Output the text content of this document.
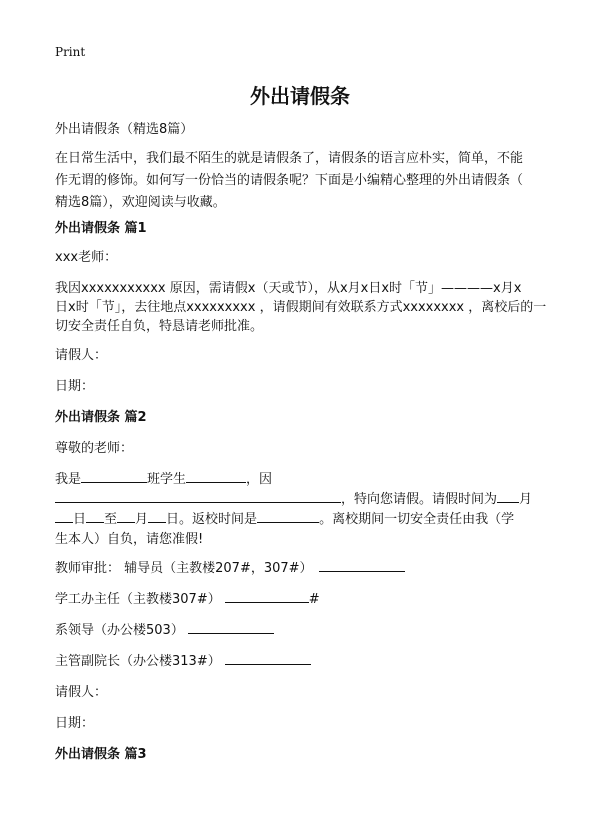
Print
外出请假条
外出请假条（精选8篇）
在日常生活中，我们最不陌生的就是请假条了，请假条的语言应朴实，简单，不能
作无谓的修饰。如何写一份恰当的请假条呢？下面是小编精心整理的外出请假条（
精选8篇），欢迎阅读与收藏。
外出请假条 篇1
xxx老师：
我因xxxxxxxxxxx 原因，需请假x（天或节），从x月x日x时「节」————x月x
日x时「节」，去往地点xxxxxxxxx ，请假期间有效联系方式xxxxxxxx ，离校后的一
切安全责任自负，特恳请老师批准。
请假人：
日期：
外出请假条 篇2
尊敬的老师：
我是	班学生	，因
，特向您请假。请假时间为 月
日 至 月 日。返校时间是	。离校期间一切安全责任由我（学
生本人）自负，请您准假!
教师审批： 辅导员（主教楼207#，307#）
学工办主任（主教楼307#）	#
系领导（办公楼503）
主管副院长（办公楼313#）
请假人：
日期：
外出请假条 篇3
